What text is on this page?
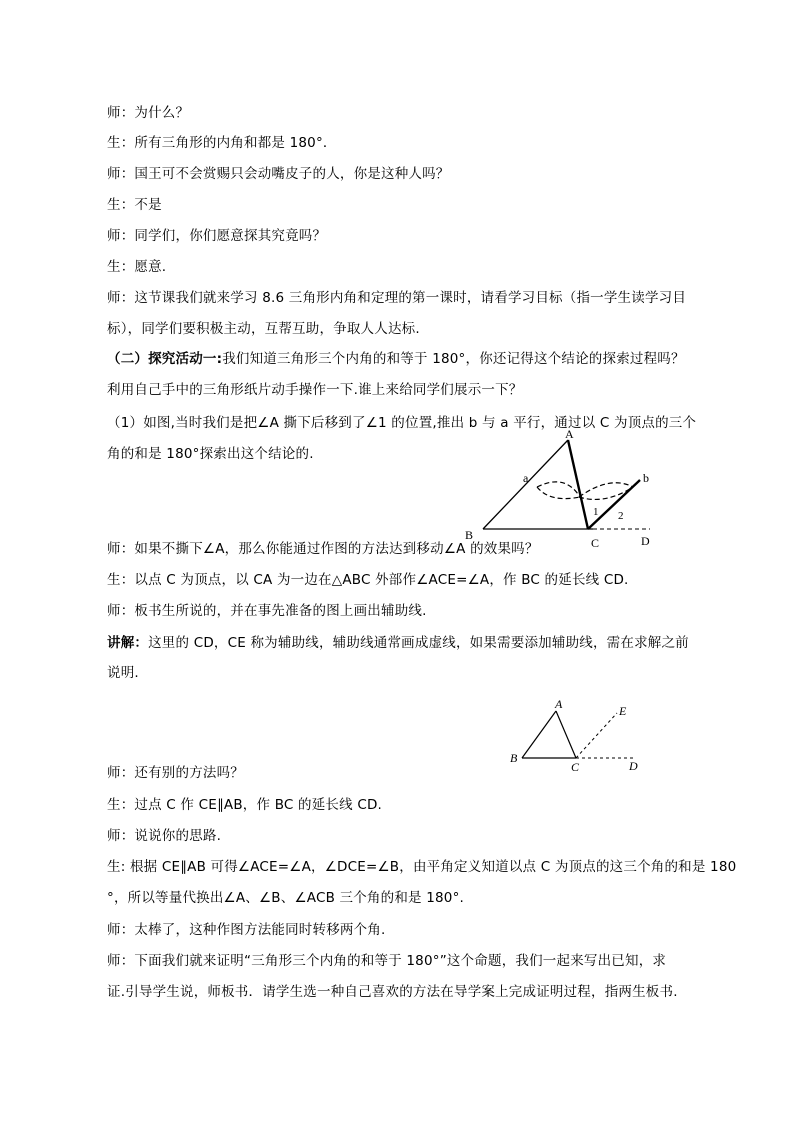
师：为什么？
生：所有三角形的内角和都是 180°．
师：国王可不会赏赐只会动嘴皮子的人，你是这种人吗？
生：不是
师：同学们，你们愿意探其究竟吗？
生：愿意.
师：这节课我们就来学习 8.6 三角形内角和定理的第一课时，请看学习目标（指一学生读学习目
标），同学们要积极主动，互帮互助，争取人人达标.
（二）探究活动一:我们知道三角形三个内角的和等于 180°，你还记得这个结论的探索过程吗？
利用自己手中的三角形纸片动手操作一下.谁上来给同学们展示一下？
（1）如图,当时我们是把∠A 撕下后移到了∠1 的位置,推出 b 与 a 平行，通过以 C 为顶点的三个
角的和是 180°探索出这个结论的.
A
a	b
B
1 2
C	D
师：如果不撕下∠A，那么你能通过作图的方法达到移动∠A 的效果吗？
生：以点 C 为顶点，以 CA 为一边在△ABC 外部作∠ACE=∠A，作 BC 的延长线 CD.
师：板书生所说的，并在事先准备的图上画出辅助线.
讲解：这里的 CD，CE 称为辅助线，辅助线通常画成虚线，如果需要添加辅助线，需在求解之前
说明.
A	E
B
C	D
师：还有别的方法吗？
生：过点 C 作 CE∥AB，作 BC 的延长线 CD.
师：说说你的思路.
生: 根据 CE∥AB 可得∠ACE=∠A，∠DCE=∠B，由平角定义知道以点 C 为顶点的这三个角的和是 180
°，所以等量代换出∠A、∠B、∠ACB 三个角的和是 180°.
师：太棒了，这种作图方法能同时转移两个角.
师：下面我们就来证明“三角形三个内角的和等于 180°”这个命题，我们一起来写出已知，求
证.引导学生说，师板书．请学生选一种自己喜欢的方法在导学案上完成证明过程，指两生板书.
